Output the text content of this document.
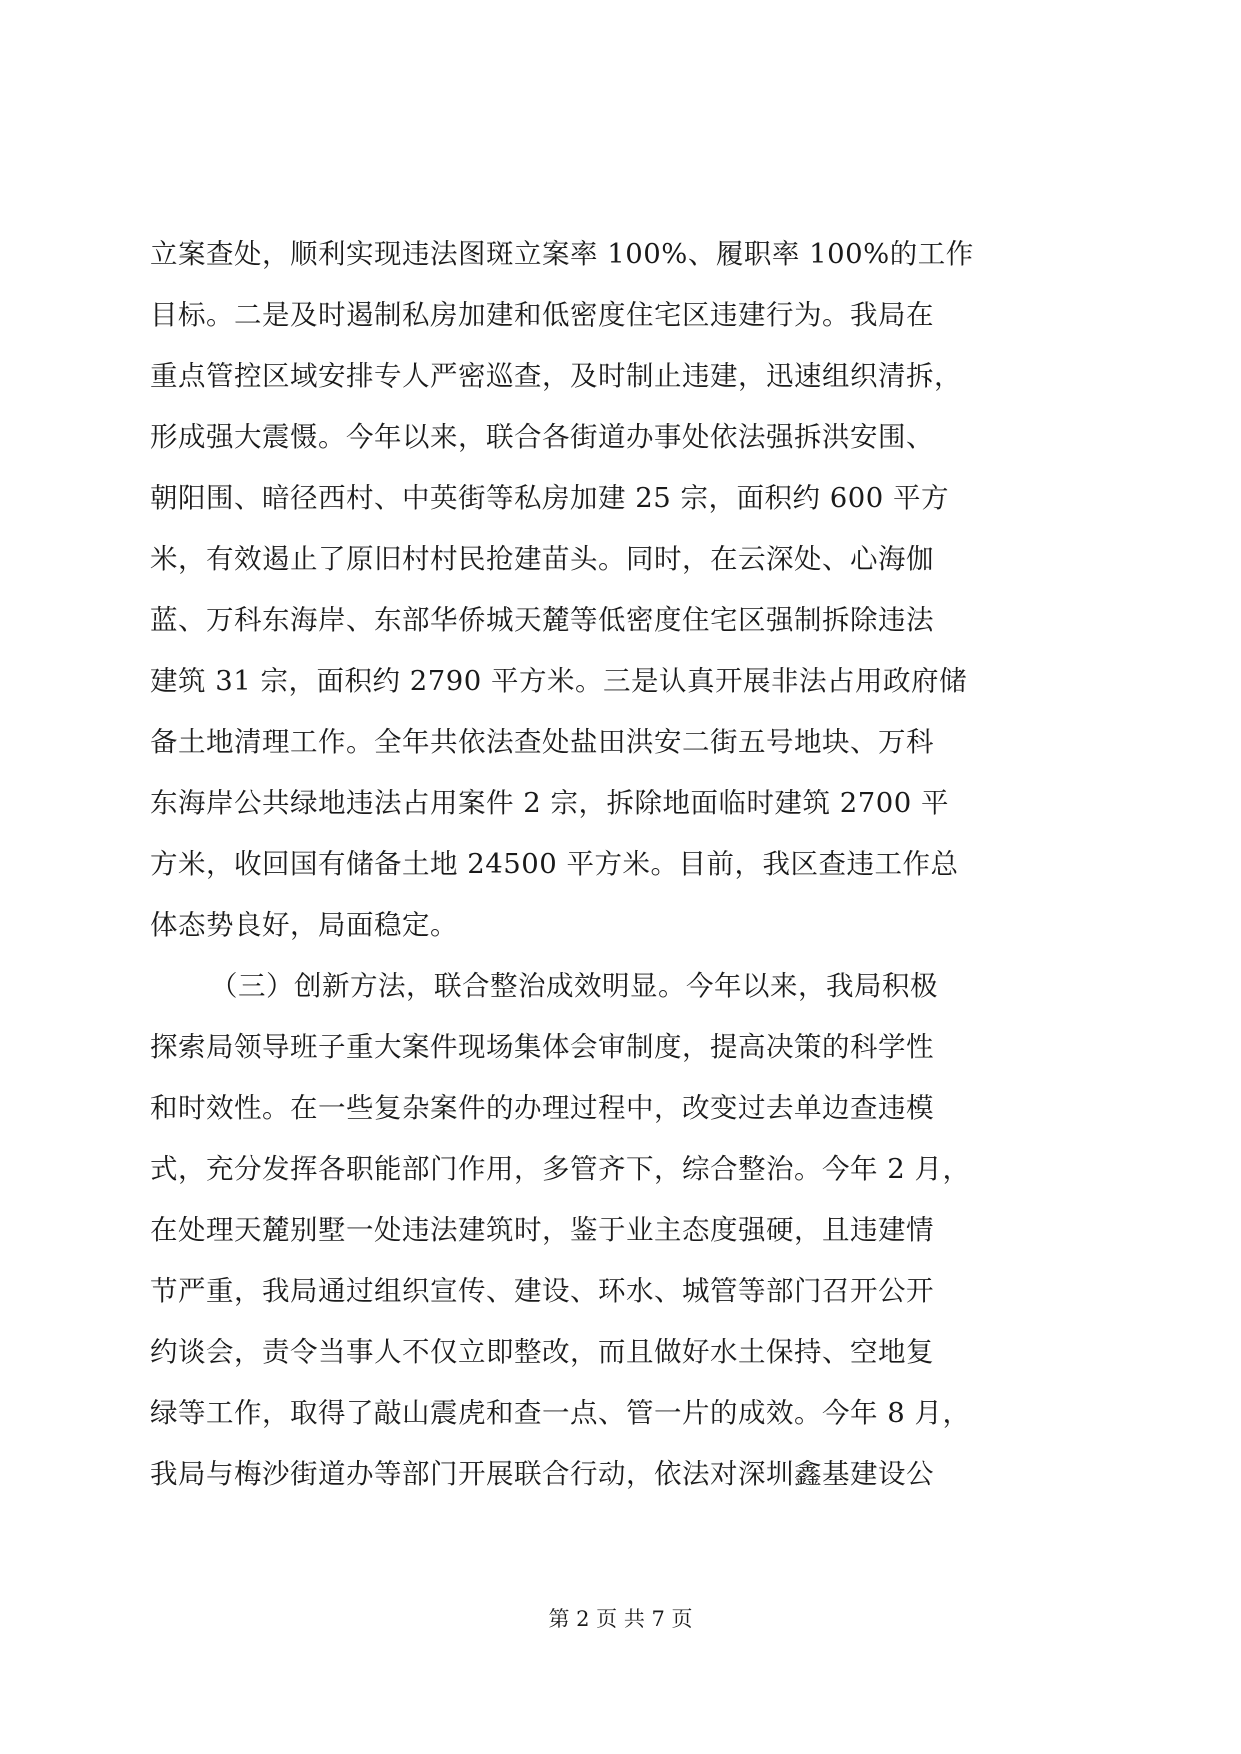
立案查处，顺利实现违法图斑立案率 100%、履职率 100%的工作
目标。二是及时遏制私房加建和低密度住宅区违建行为。我局在
重点管控区域安排专人严密巡查，及时制止违建，迅速组织清拆，
形成强大震慑。今年以来，联合各街道办事处依法强拆洪安围、
朝阳围、暗径西村、中英街等私房加建 25 宗，面积约 600 平方
米，有效遏止了原旧村村民抢建苗头。同时，在云深处、心海伽
蓝、万科东海岸、东部华侨城天麓等低密度住宅区强制拆除违法
建筑 31 宗，面积约 2790 平方米。三是认真开展非法占用政府储
备土地清理工作。全年共依法查处盐田洪安二街五号地块、万科
东海岸公共绿地违法占用案件 2 宗，拆除地面临时建筑 2700 平
方米，收回国有储备土地 24500 平方米。目前，我区查违工作总
体态势良好，局面稳定。
（三）创新方法，联合整治成效明显。今年以来，我局积极
探索局领导班子重大案件现场集体会审制度，提高决策的科学性
和时效性。在一些复杂案件的办理过程中，改变过去单边查违模
式，充分发挥各职能部门作用，多管齐下，综合整治。今年 2 月，
在处理天麓别墅一处违法建筑时，鉴于业主态度强硬，且违建情
节严重，我局通过组织宣传、建设、环水、城管等部门召开公开
约谈会，责令当事人不仅立即整改，而且做好水土保持、空地复
绿等工作，取得了敲山震虎和查一点、管一片的成效。今年 8 月，
我局与梅沙街道办等部门开展联合行动，依法对深圳鑫基建设公
第 2 页 共 7 页
